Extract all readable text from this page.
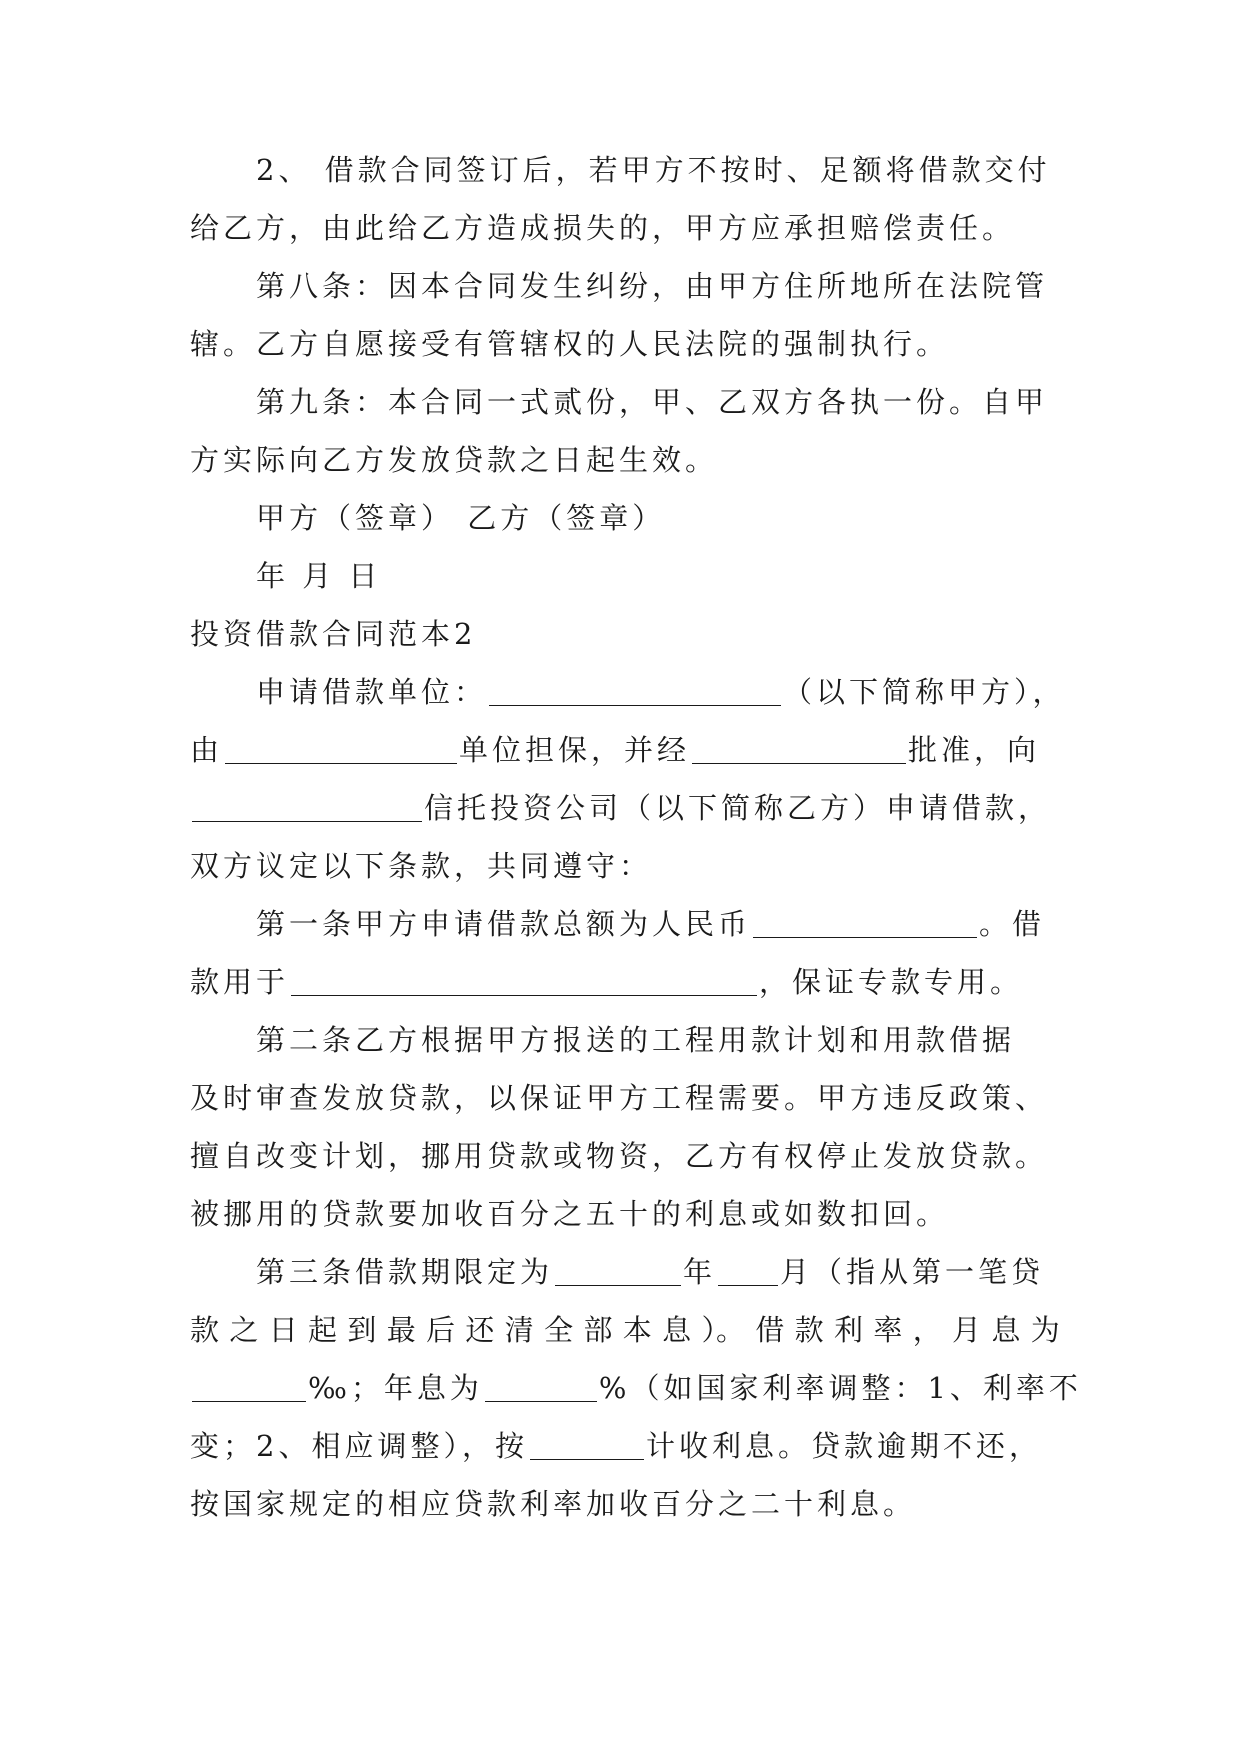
2、 借款合同签订后，若甲方不按时、足额将借款交付
给乙方，由此给乙方造成损失的，甲方应承担赔偿责任。
第八条：因本合同发生纠纷，由甲方住所地所在法院管
辖。乙方自愿接受有管辖权的人民法院的强制执行。
第九条：本合同一式贰份，甲、乙双方各执一份。自甲
方实际向乙方发放贷款之日起生效。
甲方（签章） 乙方（签章）
年 月 日
投资借款合同范本2
申请借款单位：	（以下简称甲方），
由	单位担保，并经	批准，向
信托投资公司（以下简称乙方）申请借款，
双方议定以下条款，共同遵守：
第一条甲方申请借款总额为人民币	。借
款用于	，保证专款专用。
第二条乙方根据甲方报送的工程用款计划和用款借据
及时审查发放贷款，以保证甲方工程需要。甲方违反政策、
擅自改变计划，挪用贷款或物资，乙方有权停止发放贷款。
被挪用的贷款要加收百分之五十的利息或如数扣回。
第三条借款期限定为	年 月（指从第一笔贷
款 之 日 起 到 最 后 还 清 全 部 本 息 ）。 借 款 利 率 ， 月 息 为
‰；年息为	%（如国家利率调整：1、利率不
变；2、相应调整），按	计收利息。贷款逾期不还，
按国家规定的相应贷款利率加收百分之二十利息。
